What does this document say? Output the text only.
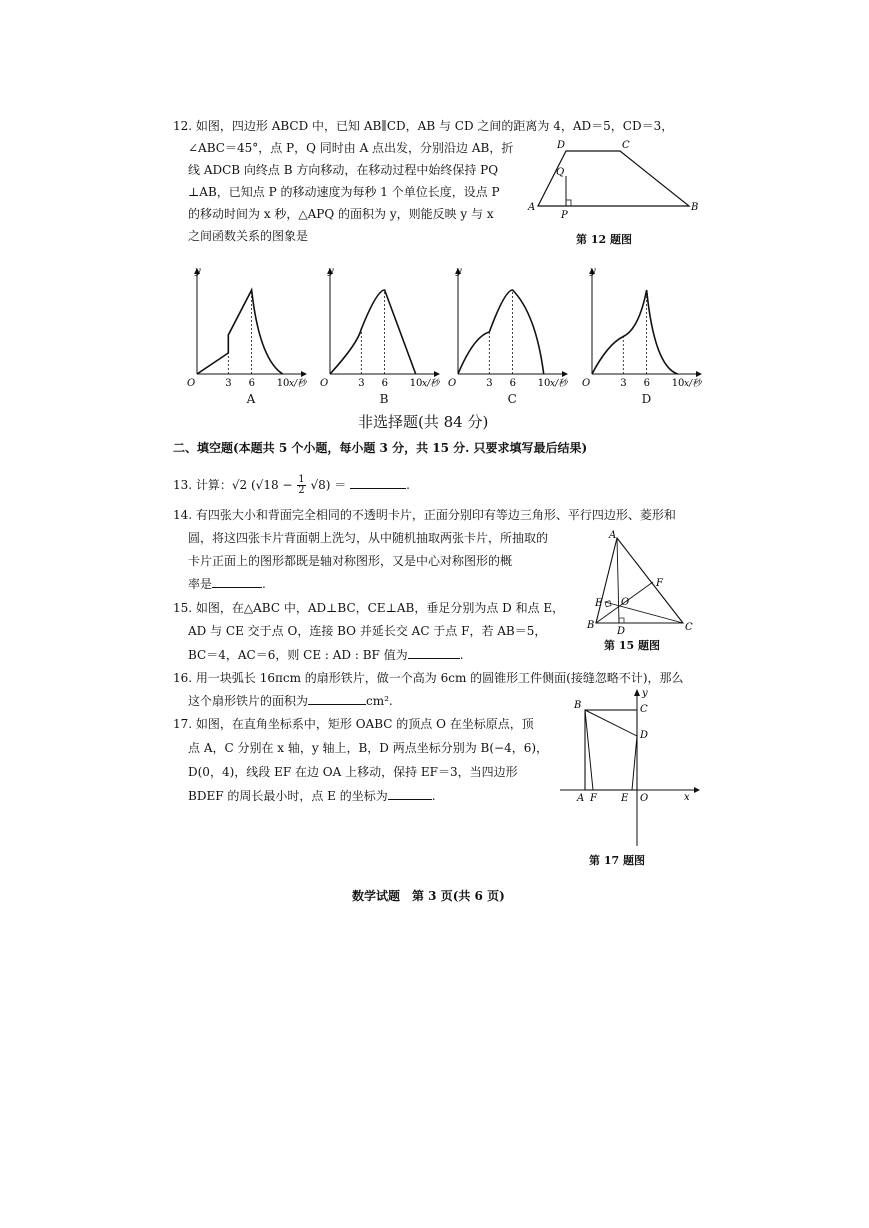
12. 如图，四边形 ABCD 中，已知 AB∥CD，AB 与 CD 之间的距离为 4，AD＝5，CD＝3，
∠ABC＝45°，点 P，Q 同时由 A 点出发，分别沿边 AB，折
线 ADCB 向终点 B 方向移动，在移动过程中始终保持 PQ
⊥AB，已知点 P 的移动速度为每秒 1 个单位长度，设点 P
的移动时间为 x 秒，△APQ 的面积为 y，则能反映 y 与 x
之间函数关系的图象是
A	B
C
D
P
Q
第 12 题图
O
y
3 6 10 x/秒
A
O
y
3 6 10 x/秒
B
O
y
3 6 10 x/秒
C
O
y
3 6 10 x/秒
D
非选择题(共 84 分)
二、填空题(本题共 5 个小题，每小题 3 分，共 15 分. 只要求填写最后结果)
13. 计算：√2 $(√18 - \frac{1}{2} √8)$ ＝	.
14. 有四张大小和背面完全相同的不透明卡片，正面分别印有等边三角形、平行四边形、菱形和
圆，将这四张卡片背面朝上洗匀，从中随机抽取两张卡片，所抽取的
卡片正面上的图形都既是轴对称图形，又是中心对称图形的概
率是	.
A
B	C
D
E
F
O
第 15 题图
15. 如图，在△ABC 中，AD⊥BC，CE⊥AB，垂足分别为点 D 和点 E，
AD 与 CE 交于点 O，连接 BO 并延长交 AC 于点 F，若 AB＝5，
BC＝4，AC＝6，则 CE : AD : BF 值为	.
16. 用一块弧长 16πcm 的扇形铁片，做一个高为 6cm 的圆锥形工件侧面(接缝忽略不计)，那么
这个扇形铁片的面积为	cm².
17. 如图，在直角坐标系中，矩形 OABC 的顶点 O 在坐标原点，顶
点 A，C 分别在 x 轴，y 轴上，B，D 两点坐标分别为 B(−4，6)，
D(0，4)，线段 EF 在边 OA 上移动，保持 EF＝3，当四边形
BDEF 的周长最小时，点 E 的坐标为	.
B	C
D
A F E O	x
y
第 17 题图
数学试题　第 3 页(共 6 页)
